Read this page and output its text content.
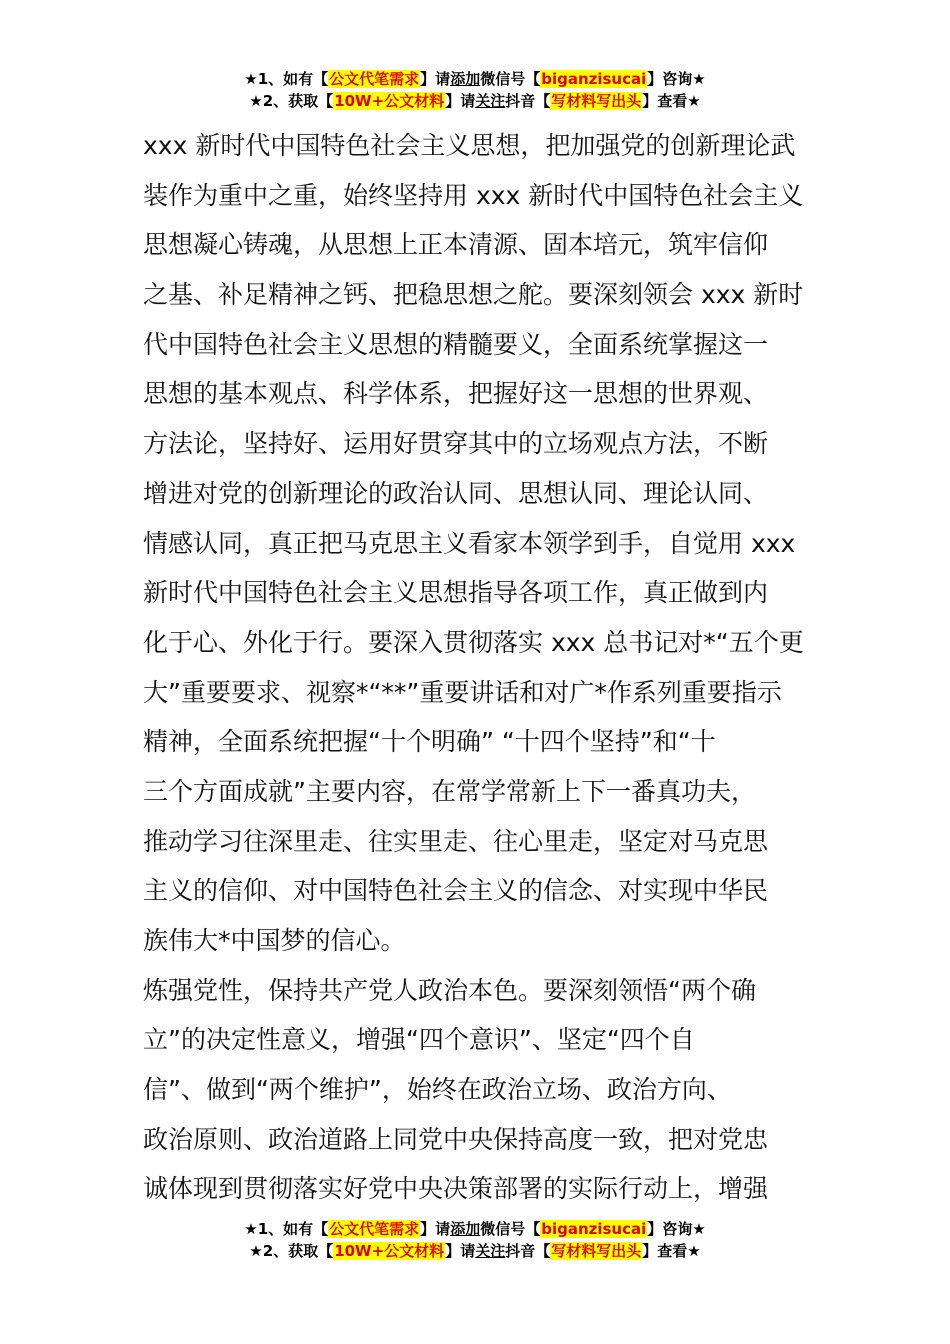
★1、如有【公文代笔需求】请添加微信号【biganzisucai】咨询★
★2、获取【10W+公文材料】请关注抖音【写材料写出头】查看★
xxx 新时代中国特色社会主义思想，把加强党的创新理论武
装作为重中之重，始终坚持用 xxx 新时代中国特色社会主义
思想凝心铸魂，从思想上正本清源、固本培元，筑牢信仰
之基、补足精神之钙、把稳思想之舵。要深刻领会 xxx 新时
代中国特色社会主义思想的精髓要义，全面系统掌握这一
思想的基本观点、科学体系，把握好这一思想的世界观、
方法论，坚持好、运用好贯穿其中的立场观点方法，不断
增进对党的创新理论的政治认同、思想认同、理论认同、
情感认同，真正把马克思主义看家本领学到手，自觉用 xxx
新时代中国特色社会主义思想指导各项工作，真正做到内
化于心、外化于行。要深入贯彻落实 xxx 总书记对*“五个更
大”重要要求、视察*“**”重要讲话和对广*作系列重要指示
精神，全面系统把握“十个明确” “十四个坚持”和“十
三个方面成就”主要内容，在常学常新上下一番真功夫，
推动学习往深里走、往实里走、往心里走，坚定对马克思
主义的信仰、对中国特色社会主义的信念、对实现中华民
族伟大*中国梦的信心。
炼强党性，保持共产党人政治本色。要深刻领悟“两个确
立”的决定性意义，增强“四个意识”、坚定“四个自
信”、做到“两个维护”，始终在政治立场、政治方向、
政治原则、政治道路上同党中央保持高度一致，把对党忠
诚体现到贯彻落实好党中央决策部署的实际行动上，增强
★1、如有【公文代笔需求】请添加微信号【biganzisucai】咨询★
★2、获取【10W+公文材料】请关注抖音【写材料写出头】查看★
